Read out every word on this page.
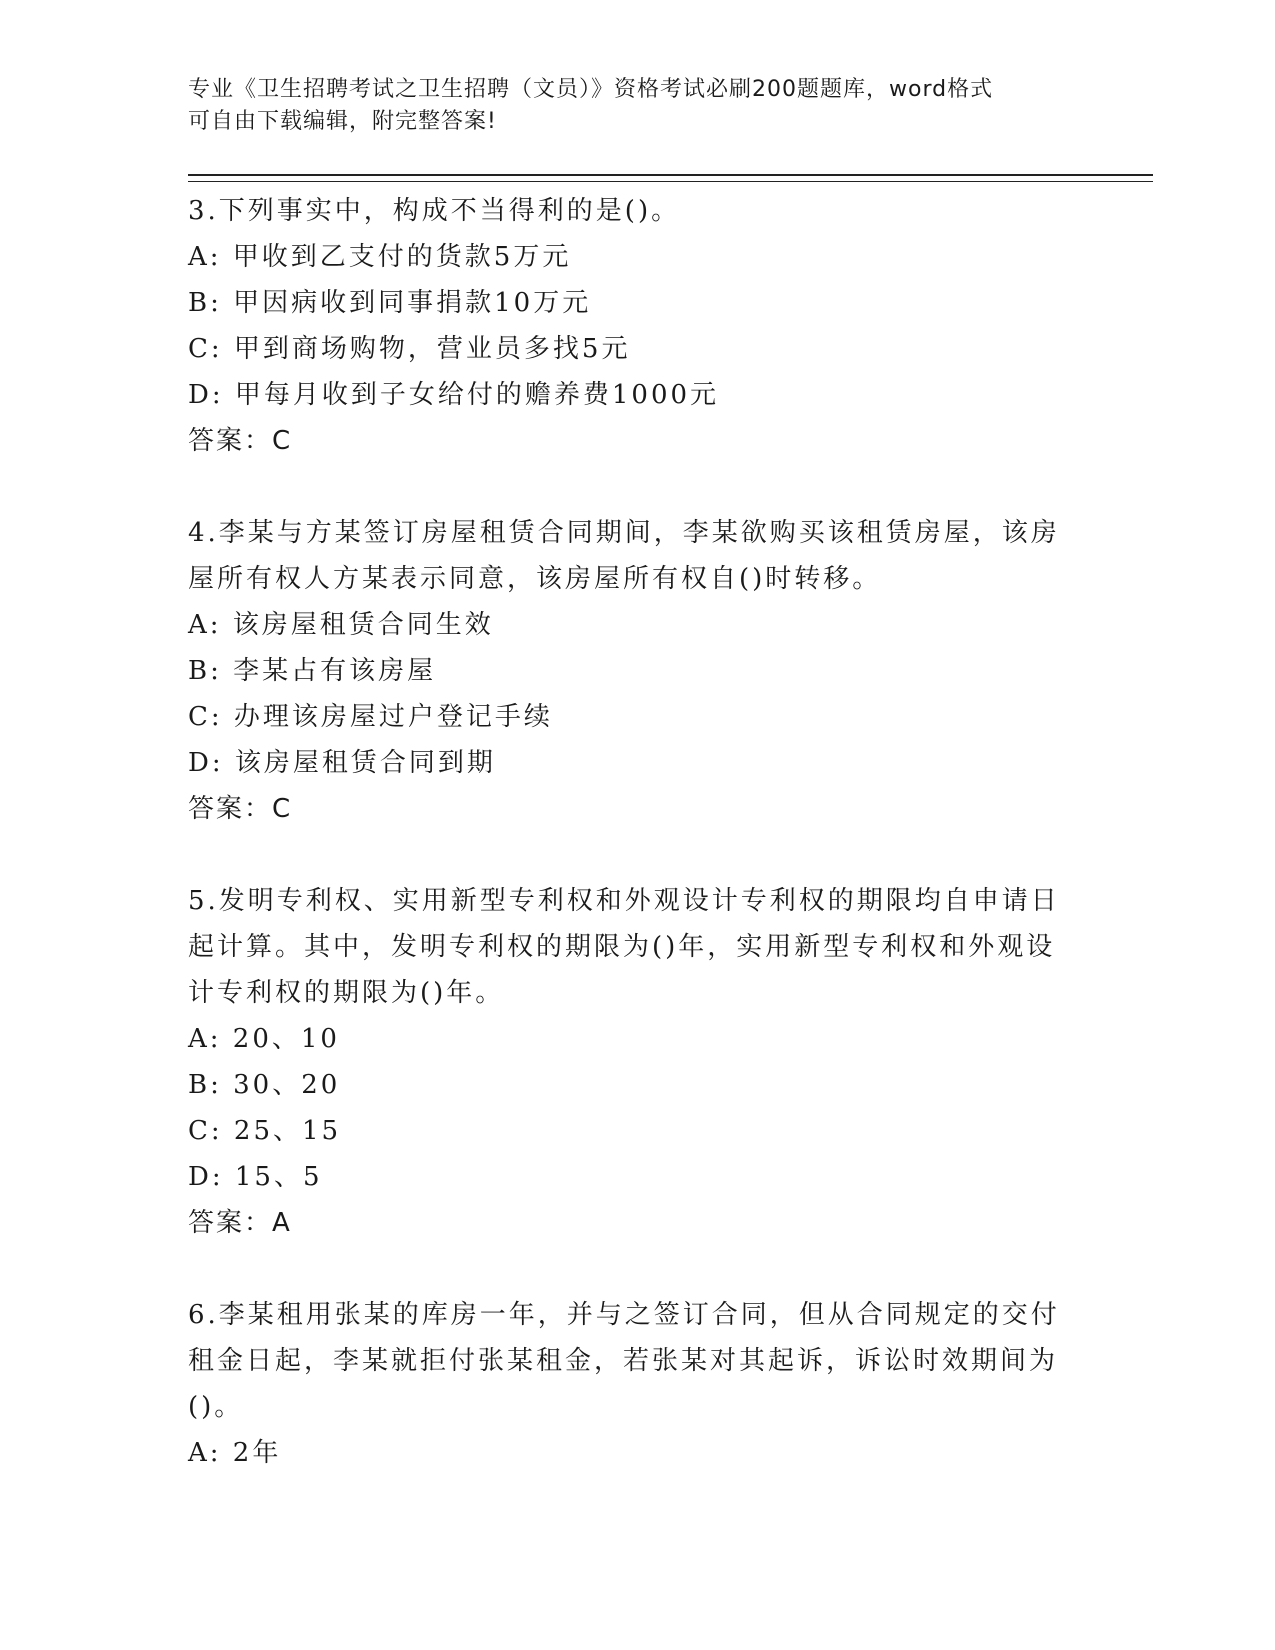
专业《卫生招聘考试之卫生招聘（文员）》资格考试必刷200题题库，word格式
可自由下载编辑，附完整答案!
3.下列事实中，构成不当得利的是()。
A: 甲收到乙支付的货款5万元
B: 甲因病收到同事捐款10万元
C: 甲到商场购物，营业员多找5元
D: 甲每月收到子女给付的赡养费1000元
答案：C
4.李某与方某签订房屋租赁合同期间，李某欲购买该租赁房屋，该房
屋所有权人方某表示同意，该房屋所有权自()时转移。
A: 该房屋租赁合同生效
B: 李某占有该房屋
C: 办理该房屋过户登记手续
D: 该房屋租赁合同到期
答案：C
5.发明专利权、实用新型专利权和外观设计专利权的期限均自申请日
起计算。其中，发明专利权的期限为()年，实用新型专利权和外观设
计专利权的期限为()年。
A: 20、10
B: 30、20
C: 25、15
D: 15、5
答案：A
6.李某租用张某的库房一年，并与之签订合同，但从合同规定的交付
租金日起，李某就拒付张某租金，若张某对其起诉，诉讼时效期间为
()。
A: 2年
